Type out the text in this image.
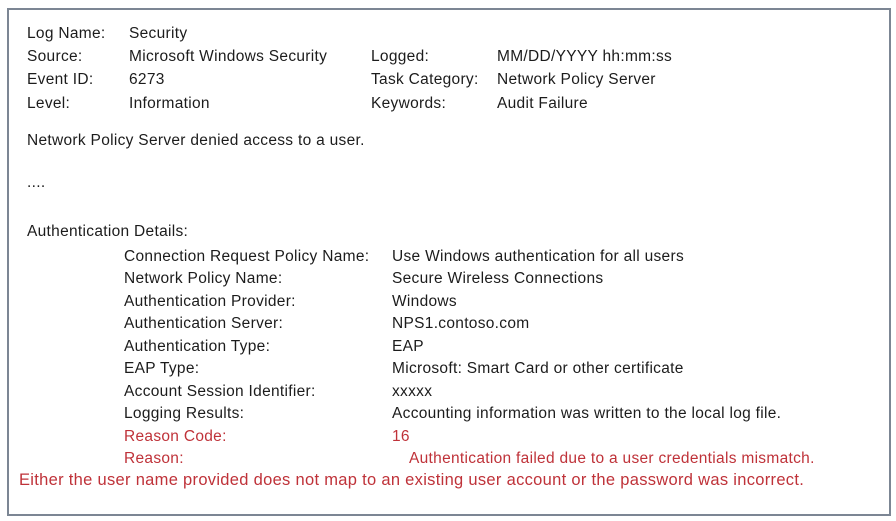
Log Name: Security
Source:	Microsoft Windows Security	Logged:	MM/DD/YYYY hh:mm:ss
Event ID: 6273	Task Category: Network Policy Server
Level:	Information	Keywords:	Audit Failure
Network Policy Server denied access to a user.
....
Authentication Details:
Connection Request Policy Name: Use Windows authentication for all users
Network Policy Name:	Secure Wireless Connections
Authentication Provider:	Windows
Authentication Server:	NPS1.contoso.com
Authentication Type:	EAP
EAP Type:	Microsoft: Smart Card or other certificate
Account Session Identifier:	xxxxx
Logging Results:	Accounting information was written to the local log file.
Reason Code:	16
Reason:	Authentication failed due to a user credentials mismatch.
Either the user name provided does not map to an existing user account or the password was incorrect.
